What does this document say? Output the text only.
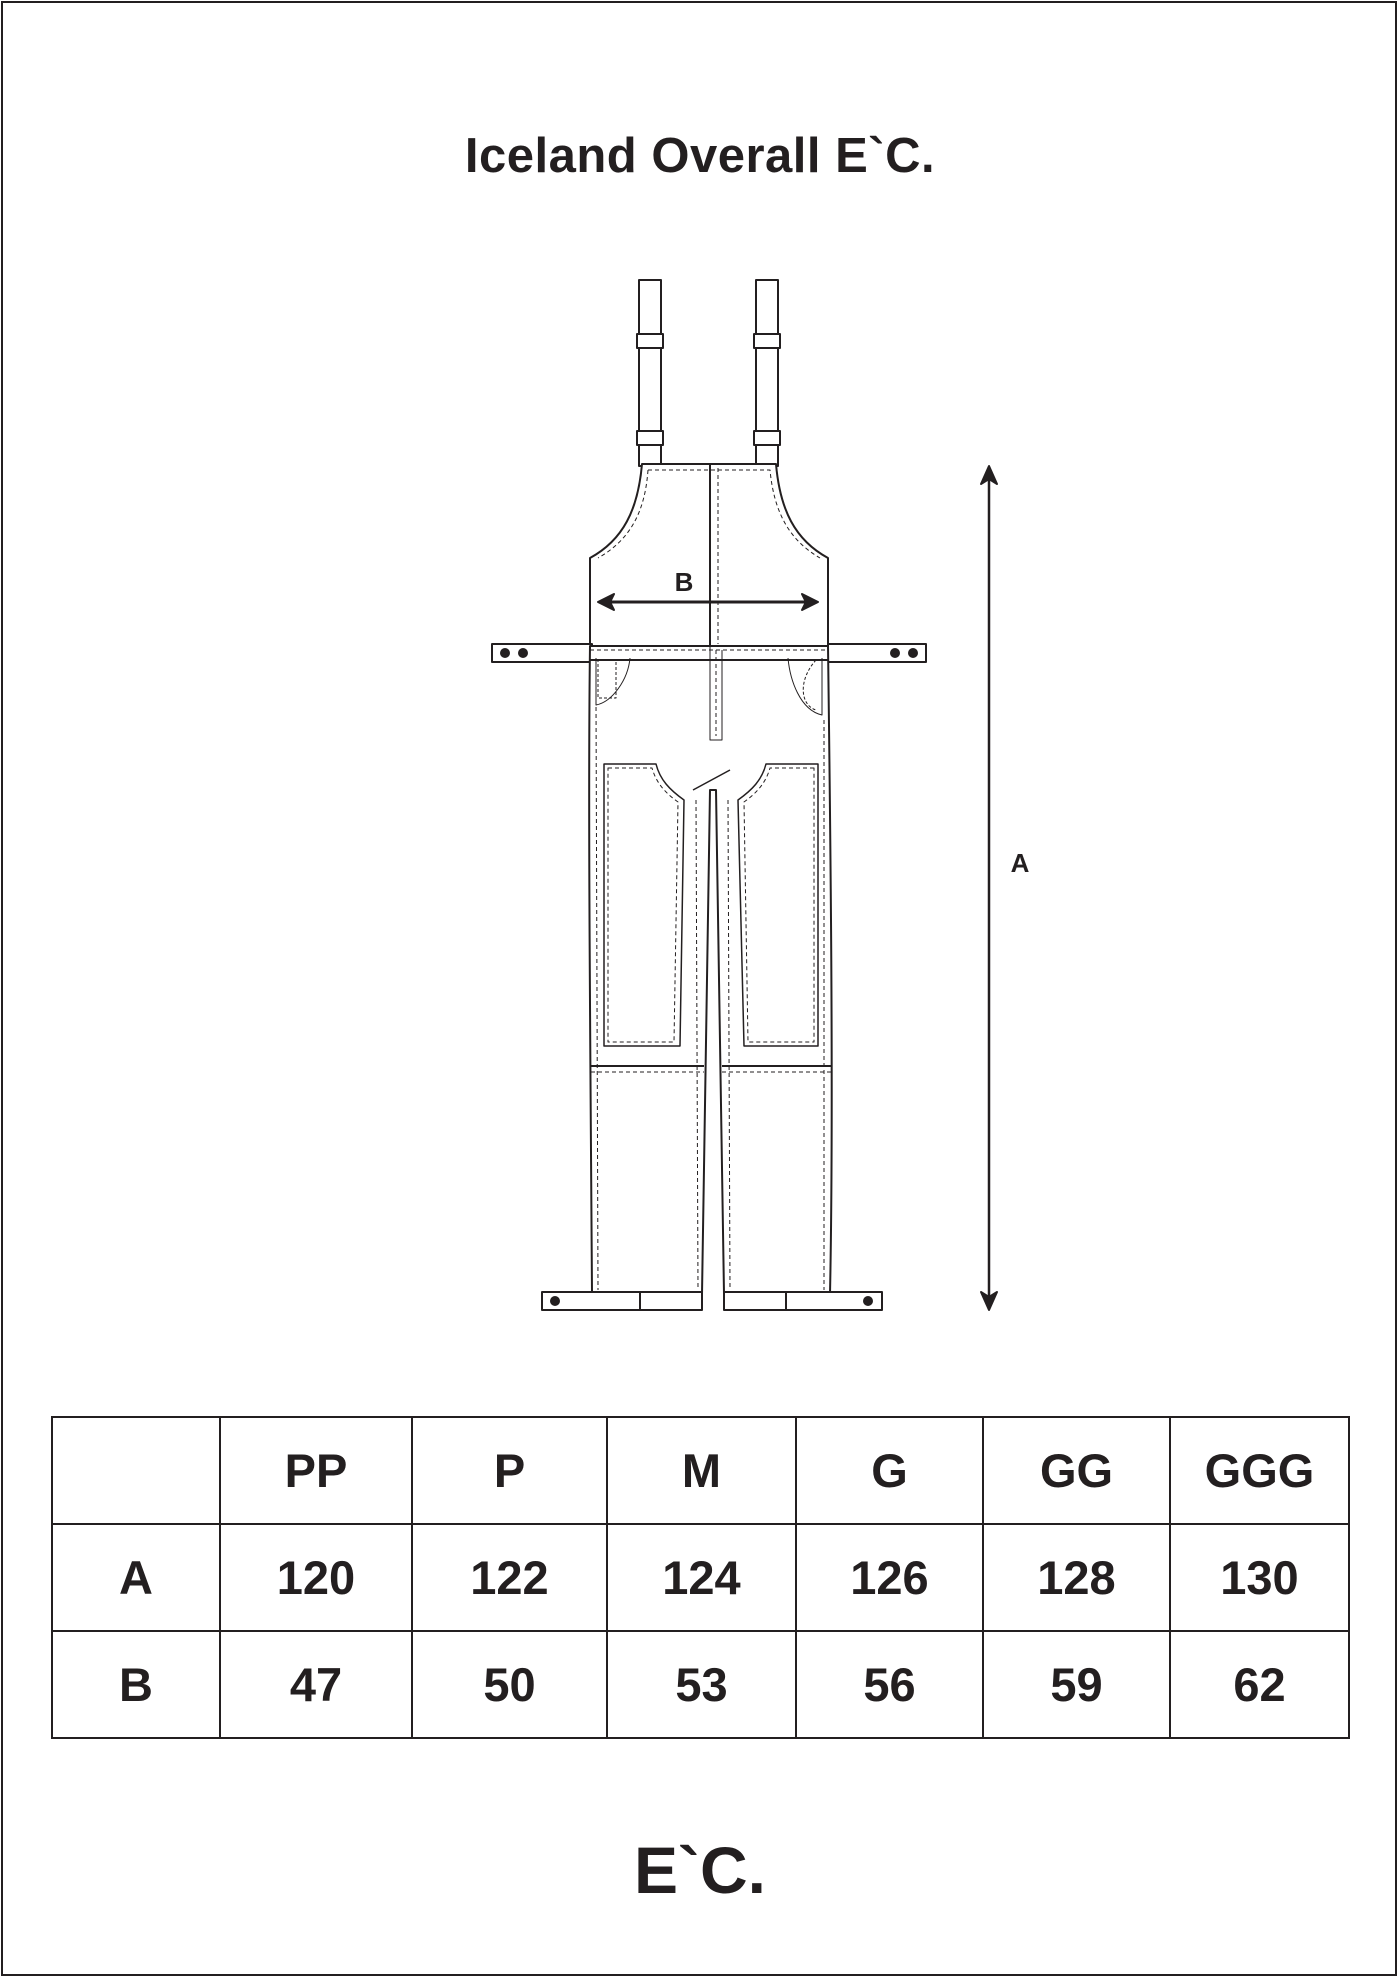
Iceland Overall E`C.
B
A
	PP	P	M	G	GG	GGG
A	120	122	124	126	128	130
B	47	50	53	56	59	62

E`C.
